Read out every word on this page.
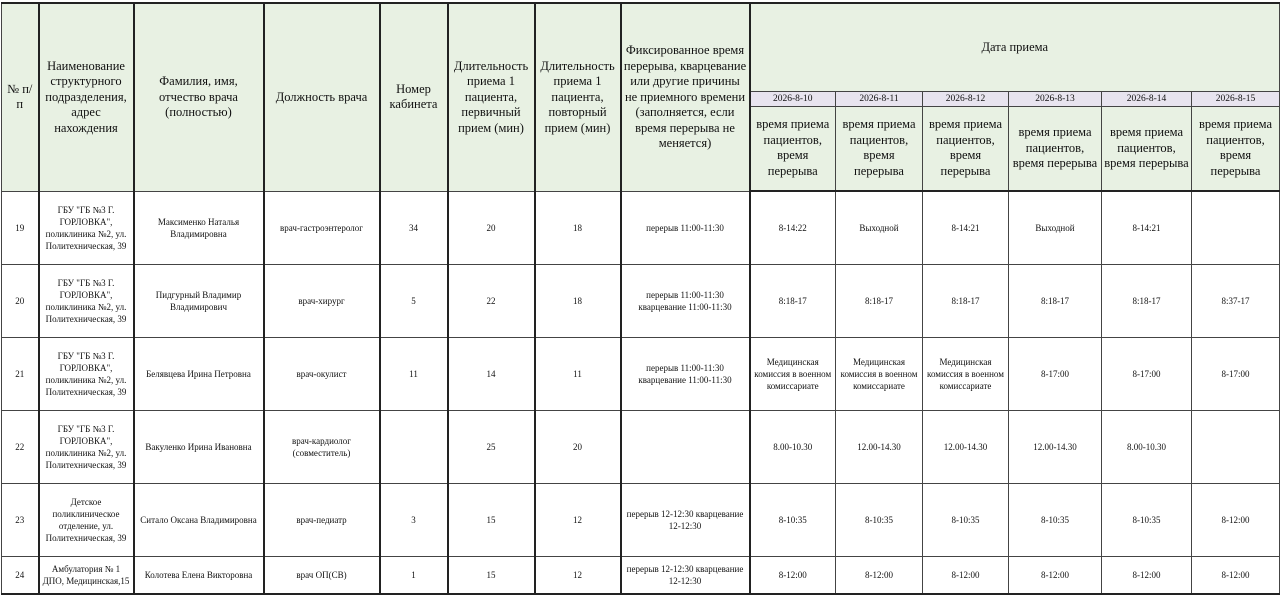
№ п/п	Наименование структурного подразделения, адрес нахождения	Фамилия, имя, отчество врача (полностью)	Должность врача	Номер кабинета	Длительность приема 1 пациента, первичный прием (мин)	Длительность приема 1 пациента, повторный прием (мин)	Фиксированное время перерыва, кварцевание или другие причины не приемного времени (заполняется, если время перерыва не меняется)	Дата приема					
								2026-8-10	2026-8-11	2026-8-12	2026-8-13	2026-8-14	2026-8-15
								время приема пациентов, время перерыва	время приема пациентов, время перерыва	время приема пациентов, время перерыва	время приема пациентов, время перерыва	время приема пациентов, время перерыва	время приема пациентов, время перерыва
19	ГБУ "ГБ №3 Г. ГОРЛОВКА", поликлиника №2, ул. Политехническая, 39	Максименко Наталья Владимировна	врач-гастроэнтеролог	34	20	18	перерыв 11:00-11:30	8-14:22	Выходной	8-14:21	Выходной	8-14:21	
20	ГБУ "ГБ №3 Г. ГОРЛОВКА", поликлиника №2, ул. Политехническая, 39	Пидгурный Владимир Владимирович	врач-хирург	5	22	18	перерыв 11:00-11:30 кварцевание 11:00-11:30	8:18-17	8:18-17	8:18-17	8:18-17	8:18-17	8:37-17
21	ГБУ "ГБ №3 Г. ГОРЛОВКА", поликлиника №2, ул. Политехническая, 39	Белявцева Ирина Петровна	врач-окулист	11	14	11	перерыв 11:00-11:30 кварцевание 11:00-11:30	Медицинская комиссия в военном комиссариате	Медицинская комиссия в военном комиссариате	Медицинская комиссия в военном комиссариате	8-17:00	8-17:00	8-17:00
22	ГБУ "ГБ №3 Г. ГОРЛОВКА", поликлиника №2, ул. Политехническая, 39	Вакуленко Ирина Ивановна	врач-кардиолог (совместитель)		25	20		8.00-10.30	12.00-14.30	12.00-14.30	12.00-14.30	8.00-10.30	
23	Детское поликлиническое отделение, ул. Политехническая, 39	Ситало Оксана Владимировна	врач-педиатр	3	15	12	перерыв 12-12:30 кварцевание 12-12:30	8-10:35	8-10:35	8-10:35	8-10:35	8-10:35	8-12:00
24	Амбулатория № 1 ДПО, Медицинская,15	Колотева Елена Викторовна	врач ОП(СВ)	1	15	12	перерыв 12-12:30 кварцевание 12-12:30	8-12:00	8-12:00	8-12:00	8-12:00	8-12:00	8-12:00
